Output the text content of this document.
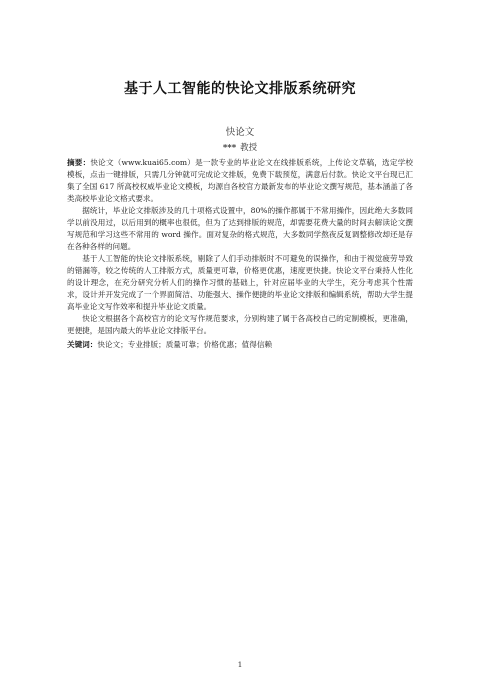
基于人工智能的快论文排版系统研究
快论文
*** 教授

摘要：快论文（www.kuai65.com）是一款专业的毕业论文在线排版系统，上传论文草稿，选定学校模板，点击一键排版，只需几分钟就可完成论文排版，免费下载预览，满意后付款。快论文平台现已汇集了全国 617 所高校权威毕业论文模板，均源自各校官方最新发布的毕业论文撰写规范，基本涵盖了各类高校毕业论文格式要求。

据统计，毕业论文排版涉及的几十项格式设置中，80%的操作都属于不常用操作，因此绝大多数同学以前没用过，以后用到的概率也很低，但为了达到排版的规范，却需要花费大量的时间去解读论文撰写规范和学习这些不常用的 word 操作。面对复杂的格式规范，大多数同学熬夜反复调整修改却还是存在各种各样的问题。

基于人工智能的快论文排版系统，剔除了人们手动排版时不可避免的误操作，和由于视觉疲劳导致的错漏等，较之传统的人工排版方式，质量更可靠，价格更优惠，速度更快捷。快论文平台秉持人性化的设计理念，在充分研究分析人们的操作习惯的基础上，针对应届毕业的大学生，充分考虑其个性需求，设计并开发完成了一个界面简洁、功能强大、操作便捷的毕业论文排版和编辑系统，帮助大学生提高毕业论文写作效率和提升毕业论文质量。

快论文根据各个高校官方的论文写作规范要求，分别构建了属于各高校自己的定制模板，更准确，更便捷，是国内最大的毕业论文排版平台。

关键词：快论文；专业排版；质量可靠；价格优惠；值得信赖

1
